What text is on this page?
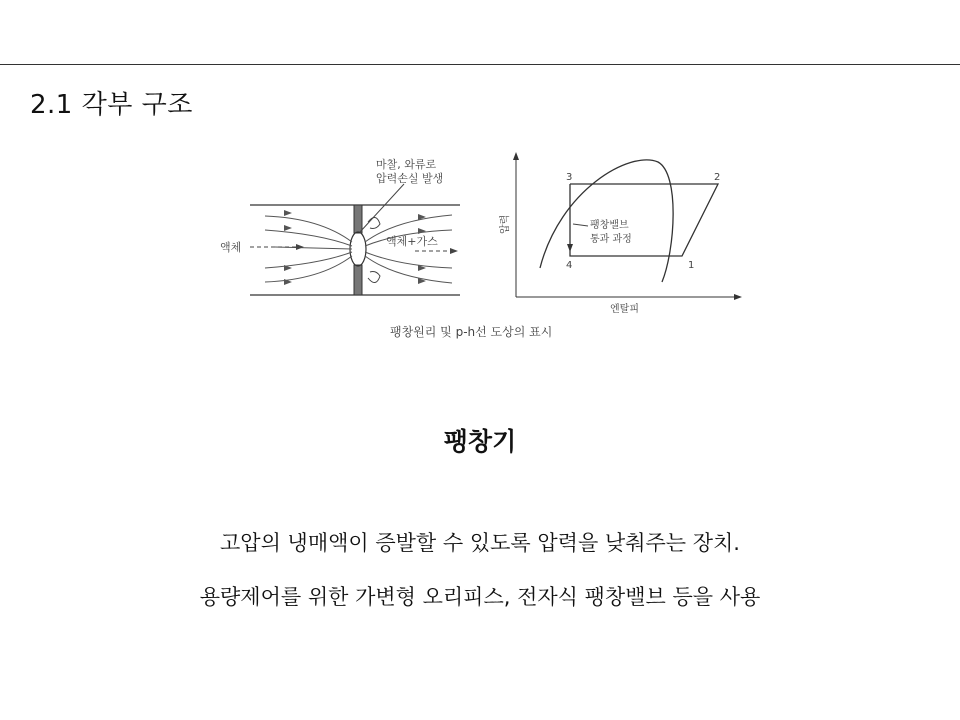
2.1 각부 구조
마찰, 와류로
압력손실 발생
액체	액체+가스
1
2
3
4
팽창밸브
통과 과정
압력
엔탈피
팽창원리 및 p-h선 도상의 표시
팽창기
고압의 냉매액이 증발할 수 있도록 압력을 낮춰주는 장치.
용량제어를 위한 가변형 오리피스, 전자식 팽창밸브 등을 사용
